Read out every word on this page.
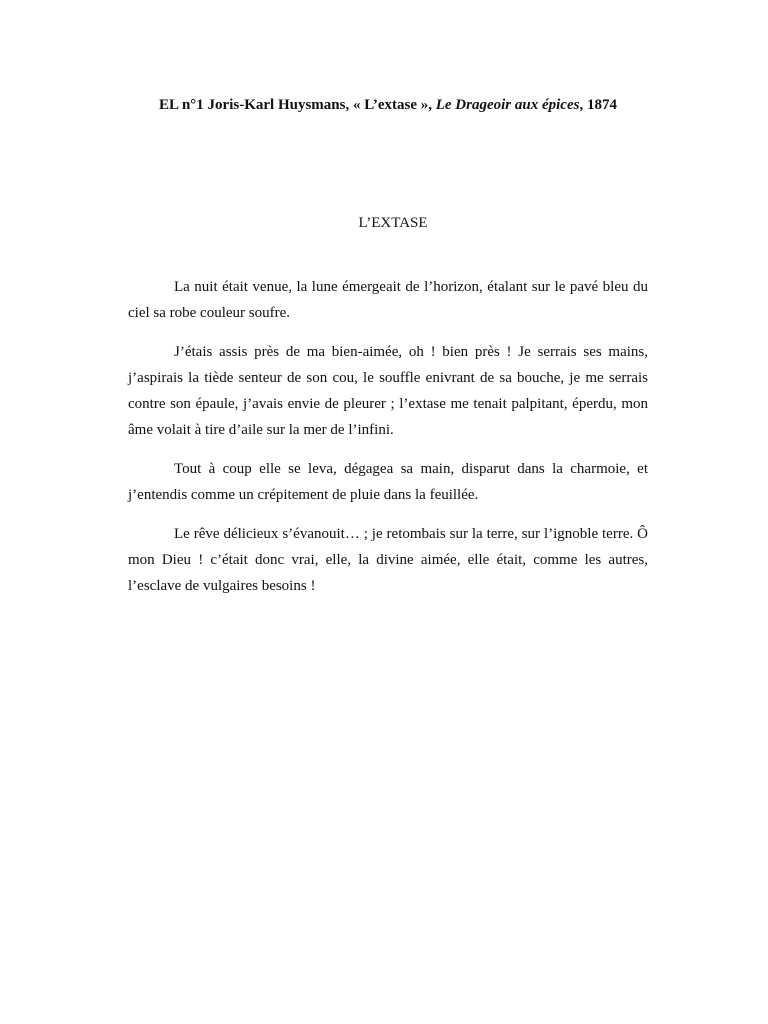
EL n°1 Joris-Karl Huysmans, « L’extase », Le Drageoir aux épices, 1874
L’EXTASE

La nuit était venue, la lune émergeait de l’horizon, étalant sur le pavé bleu du ciel sa robe couleur soufre.

J’étais assis près de ma bien-aimée, oh ! bien près ! Je serrais ses mains, j’aspirais la tiède senteur de son cou, le souffle enivrant de sa bouche, je me serrais contre son épaule, j’avais envie de pleurer ; l’extase me tenait palpitant, éperdu, mon âme volait à tire d’aile sur la mer de l’infini.

Tout à coup elle se leva, dégagea sa main, disparut dans la charmoie, et j’entendis comme un crépitement de pluie dans la feuillée.

Le rêve délicieux s’évanouit… ; je retombais sur la terre, sur l’ignoble terre. Ô mon Dieu ! c’était donc vrai, elle, la divine aimée, elle était, comme les autres, l’esclave de vulgaires besoins !
